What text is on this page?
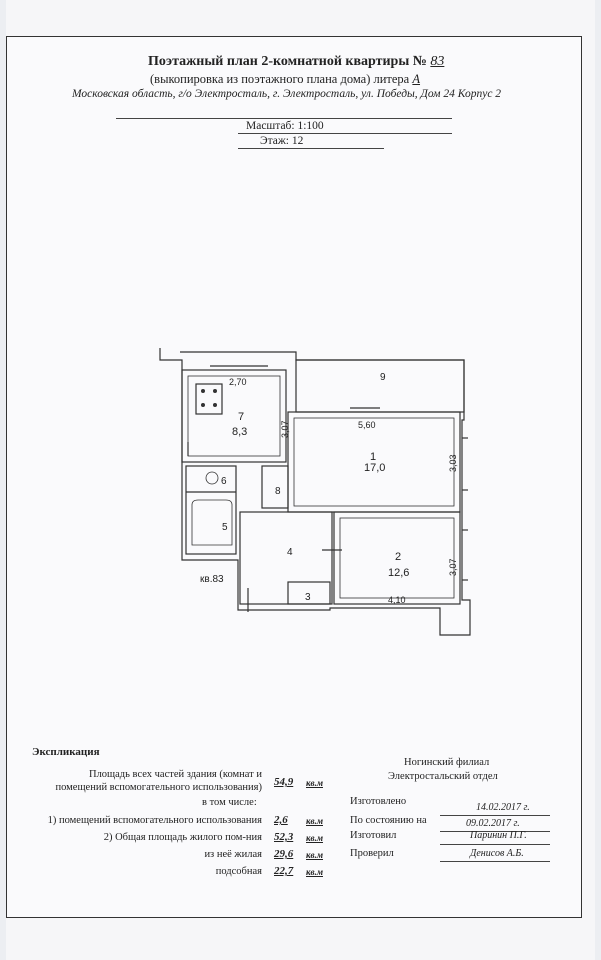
Поэтажный план 2-комнатной квартиры № 83
(выкопировка из поэтажного плана дома) литера А
Московская область, г/о Электросталь, г. Электросталь, ул. Победы, Дом 24 Корпус 2
Масштаб: 1:100
Этаж: 12
7
8,3
1
17,0
2
12,6
4
5
6
8
3
9
2,70
3,07	5,60
3,03
3,07
4,10
кв.83
Экспликация
Площадь всех частей здания (комнат и
помещений вспомогательного использования) 54,9 кв.м
в том числе:
1) помещений вспомогательного использования 2,6 кв.м
2) Общая площадь жилого пом-ния 52,3 кв.м
из неё жилая 29,6 кв.м
подсобная 22,7 кв.м
Ногинский филиал
Электростальский отдел
Изготовлено
14.02.2017 г.
По состоянию на	09.02.2017 г.
Изготовил	Паринин П.Г.
Проверил	Денисов А.Б.
